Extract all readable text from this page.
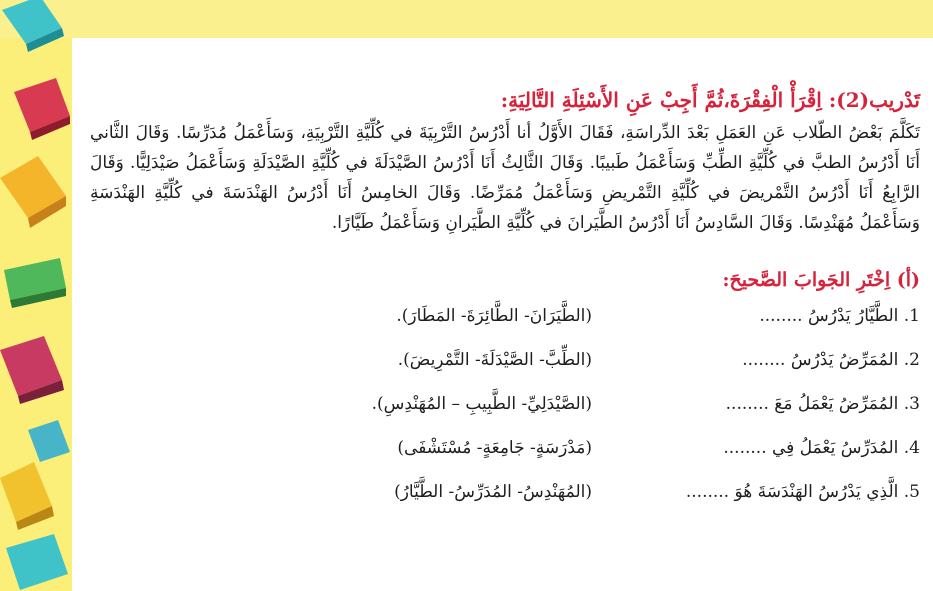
تَدْريب(2): اِقْرَأْ الْفِقْرَةَ،ثُمَّ أَجِبْ عَنِ الأَسْئِلَةِ التَّالِيَةِ:

تَكَلَّمَ بَعْضُ الطّلاب عَنِ العَمَلِ بَعْدَ الدِّراسَةِ، فَقَالَ الأَوَّلُ أنا أَدْرُسُ التَّرْبِيَةَ في كُلِّيَّةِ التَّرْبِيَةِ، وَسَأَعْمَلُ مُدَرِّسًا. وَقَالَ الثَّاني أَنَا أَدْرُسُ الطبَّ في كُلِّيَّةِ الطِّبِّ وَسَأَعْمَلُ طَبيبًا. وَقَالَ الثَّالِثُ أَنَا أَدْرُسُ الصَّيْدَلَةَ في كُلِّيَّةِ الصَّيْدَلَةِ وَسَأَعْمَلُ صَيْدَلِيًّا. وَقَالَ الرَّابِعُ أَنَا أَدْرُسُ التَّمْريضَ في كُلِّيَّةِ التَّمْريضِ وَسَأَعْمَلُ مُمَرِّضًا. وَقَالَ الخامِسُ أَنَا أَدْرُسُ الهَنْدَسَةَ في كُلِّيَّةِ الهَنْدَسَةِ وَسَأَعْمَلُ مُهَنْدِسًا. وَقَالَ السَّادِسُ أَنَا أَدْرُسُ الطَّيَرانَ في كُلِّيَّةِ الطَّيَرانِ وَسَأَعْمَلُ طَيَّارًا.

(أ) اِخْتَرِ الجَوابَ الصَّحيحَ:
1. الطَّيَّارُ يَدْرُسُ ........
(الطَّيَرَانَ- الطَّائِرَةَ- المَطَارَ).
2. المُمَرِّضُ يَدْرُسُ ........
(الطِّبَّ- الصَّيْدَلَةَ- التَّمْرِيضَ).
3. المُمَرِّضُ يَعْمَلُ مَعَ ........
(الصَّيْدَلِيِّ- الطَّبِيبِ – المُهَنْدِسِ).
4. المُدَرِّسُ يَعْمَلُ فِي ........
(مَدْرَسَةٍ- جَامِعَةٍ- مُسْتَشْفَى)
5. الَّذِي يَدْرُسُ الهَنْدَسَةَ هُوَ ........
(المُهَنْدِسُ- المُدَرِّسُ- الطَّيَّارُ)
